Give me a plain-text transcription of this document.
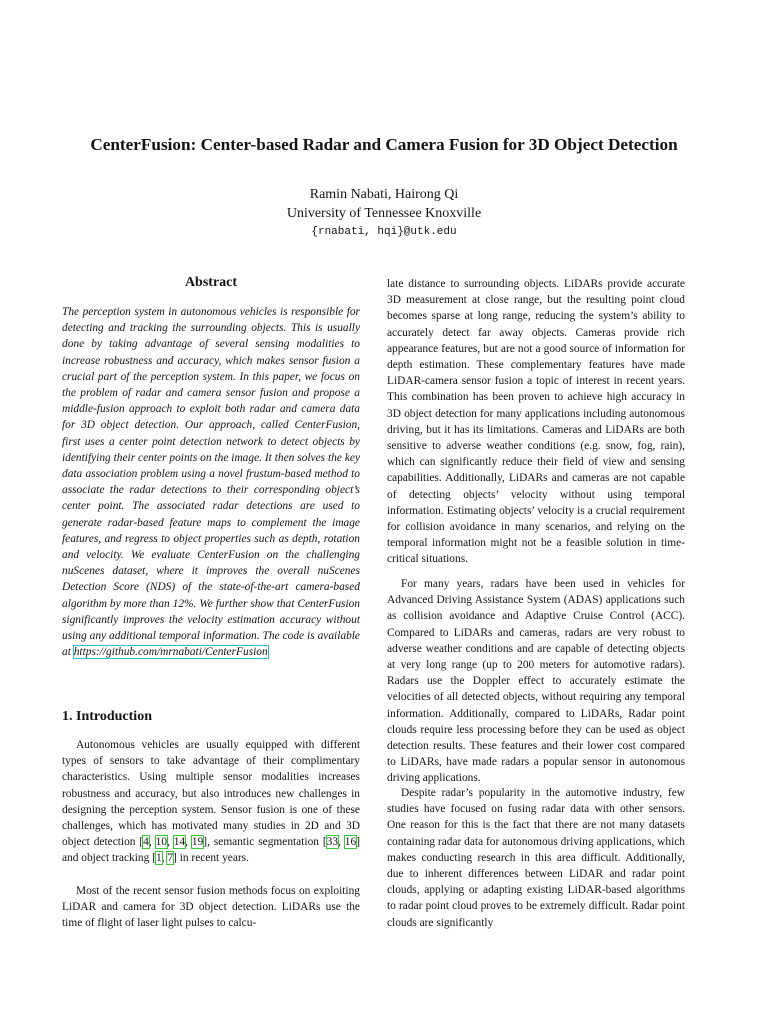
CenterFusion: Center-based Radar and Camera Fusion for 3D Object Detection
Ramin Nabati, Hairong Qi
University of Tennessee Knoxville
{rnabati, hqi}@utk.edu
Abstract

The perception system in autonomous vehicles is responsible for detecting and tracking the surrounding objects. This is usually done by taking advantage of several sensing modalities to increase robustness and accuracy, which makes sensor fusion a crucial part of the perception system. In this paper, we focus on the problem of radar and camera sensor fusion and propose a middle-fusion approach to exploit both radar and camera data for 3D object detection. Our approach, called CenterFusion, first uses a center point detection network to detect objects by identifying their center points on the image. It then solves the key data association problem using a novel frustum-based method to associate the radar detections to their corresponding object’s center point. The associated radar detections are used to generate radar-based feature maps to complement the image features, and regress to object properties such as depth, rotation and velocity. We evaluate CenterFusion on the challenging nuScenes dataset, where it improves the overall nuScenes Detection Score (NDS) of the state-of-the-art camera-based algorithm by more than 12%. We further show that CenterFusion significantly improves the velocity estimation accuracy without using any additional temporal information. The code is available at https://github.com/mrnabati/CenterFusion

1. Introduction

Autonomous vehicles are usually equipped with different types of sensors to take advantage of their complimentary characteristics. Using multiple sensor modalities increases robustness and accuracy, but also introduces new challenges in designing the perception system. Sensor fusion is one of these challenges, which has motivated many studies in 2D and 3D object detection [4, 10, 14, 19], semantic segmentation [33, 16] and object tracking [1, 7] in recent years.

Most of the recent sensor fusion methods focus on exploiting LiDAR and camera for 3D object detection. LiDARs use the time of flight of laser light pulses to calcu-

late distance to surrounding objects. LiDARs provide accurate 3D measurement at close range, but the resulting point cloud becomes sparse at long range, reducing the system’s ability to accurately detect far away objects. Cameras provide rich appearance features, but are not a good source of information for depth estimation. These complementary features have made LiDAR-camera sensor fusion a topic of interest in recent years. This combination has been proven to achieve high accuracy in 3D object detection for many applications including autonomous driving, but it has its limitations. Cameras and LiDARs are both sensitive to adverse weather conditions (e.g. snow, fog, rain), which can significantly reduce their field of view and sensing capabilities. Additionally, LiDARs and cameras are not capable of detecting objects’ velocity without using temporal information. Estimating objects’ velocity is a crucial requirement for collision avoidance in many scenarios, and relying on the temporal information might not be a feasible solution in time-critical situations.

For many years, radars have been used in vehicles for Advanced Driving Assistance System (ADAS) applications such as collision avoidance and Adaptive Cruise Control (ACC). Compared to LiDARs and cameras, radars are very robust to adverse weather conditions and are capable of detecting objects at very long range (up to 200 meters for automotive radars). Radars use the Doppler effect to accurately estimate the velocities of all detected objects, without requiring any temporal information. Additionally, compared to LiDARs, Radar point clouds require less processing before they can be used as object detection results. These features and their lower cost compared to LiDARs, have made radars a popular sensor in autonomous driving applications.

Despite radar’s popularity in the automotive industry, few studies have focused on fusing radar data with other sensors. One reason for this is the fact that there are not many datasets containing radar data for autonomous driving applications, which makes conducting research in this area difficult. Additionally, due to inherent differences between LiDAR and radar point clouds, applying or adapting existing LiDAR-based algorithms to radar point cloud proves to be extremely difficult. Radar point clouds are significantly
